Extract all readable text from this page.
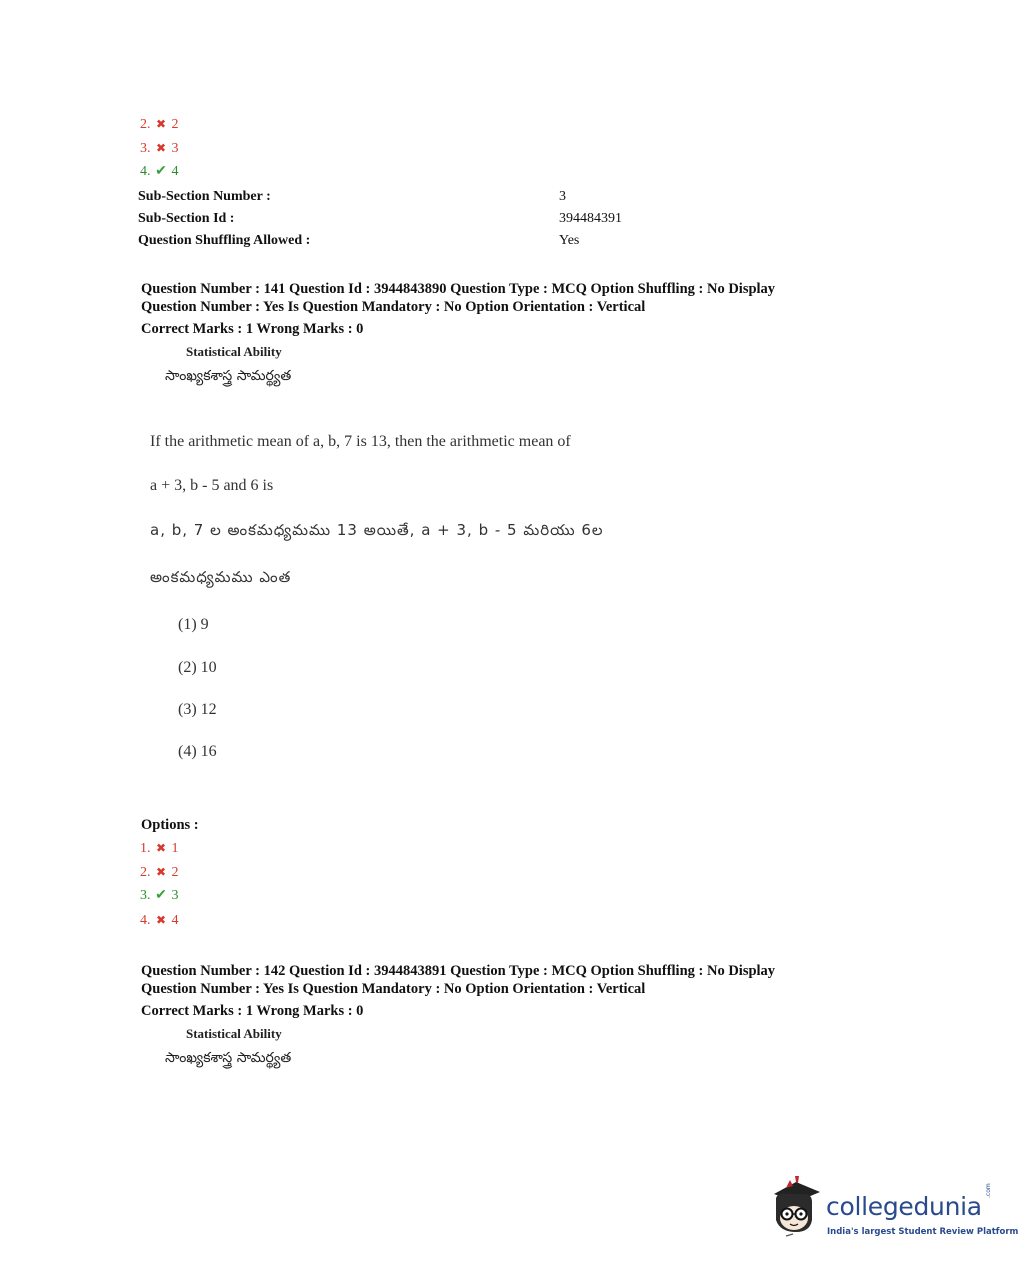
2. ✖ 2
3. ✖ 3
4. ✔ 4
Sub-Section Number :	3
Sub-Section Id :	394484391
Question Shuffling Allowed :	Yes
Question Number : 141 Question Id : 3944843890 Question Type : MCQ Option Shuffling : No Display
Question Number : Yes Is Question Mandatory : No Option Orientation : Vertical
Correct Marks : 1 Wrong Marks : 0
Statistical Ability
సాంఖ్యకశాస్త్ర సామర్థ్యత
If the arithmetic mean of a, b, 7 is 13, then the arithmetic mean of
a + 3, b - 5 and 6 is
a, b, 7 ల అంకమధ్యమము 13 అయితే, a + 3, b - 5 మరియు 6ల
అంకమధ్యమము ఎంత
(1) 9
(2) 10
(3) 12
(4) 16
Options :
1. ✖ 1
2. ✖ 2
3. ✔ 3
4. ✖ 4
Question Number : 142 Question Id : 3944843891 Question Type : MCQ Option Shuffling : No Display
Question Number : Yes Is Question Mandatory : No Option Orientation : Vertical
Correct Marks : 1 Wrong Marks : 0
Statistical Ability
సాంఖ్యకశాస్త్ర సామర్థ్యత
collegedunia
.com
India's largest Student Review Platform
